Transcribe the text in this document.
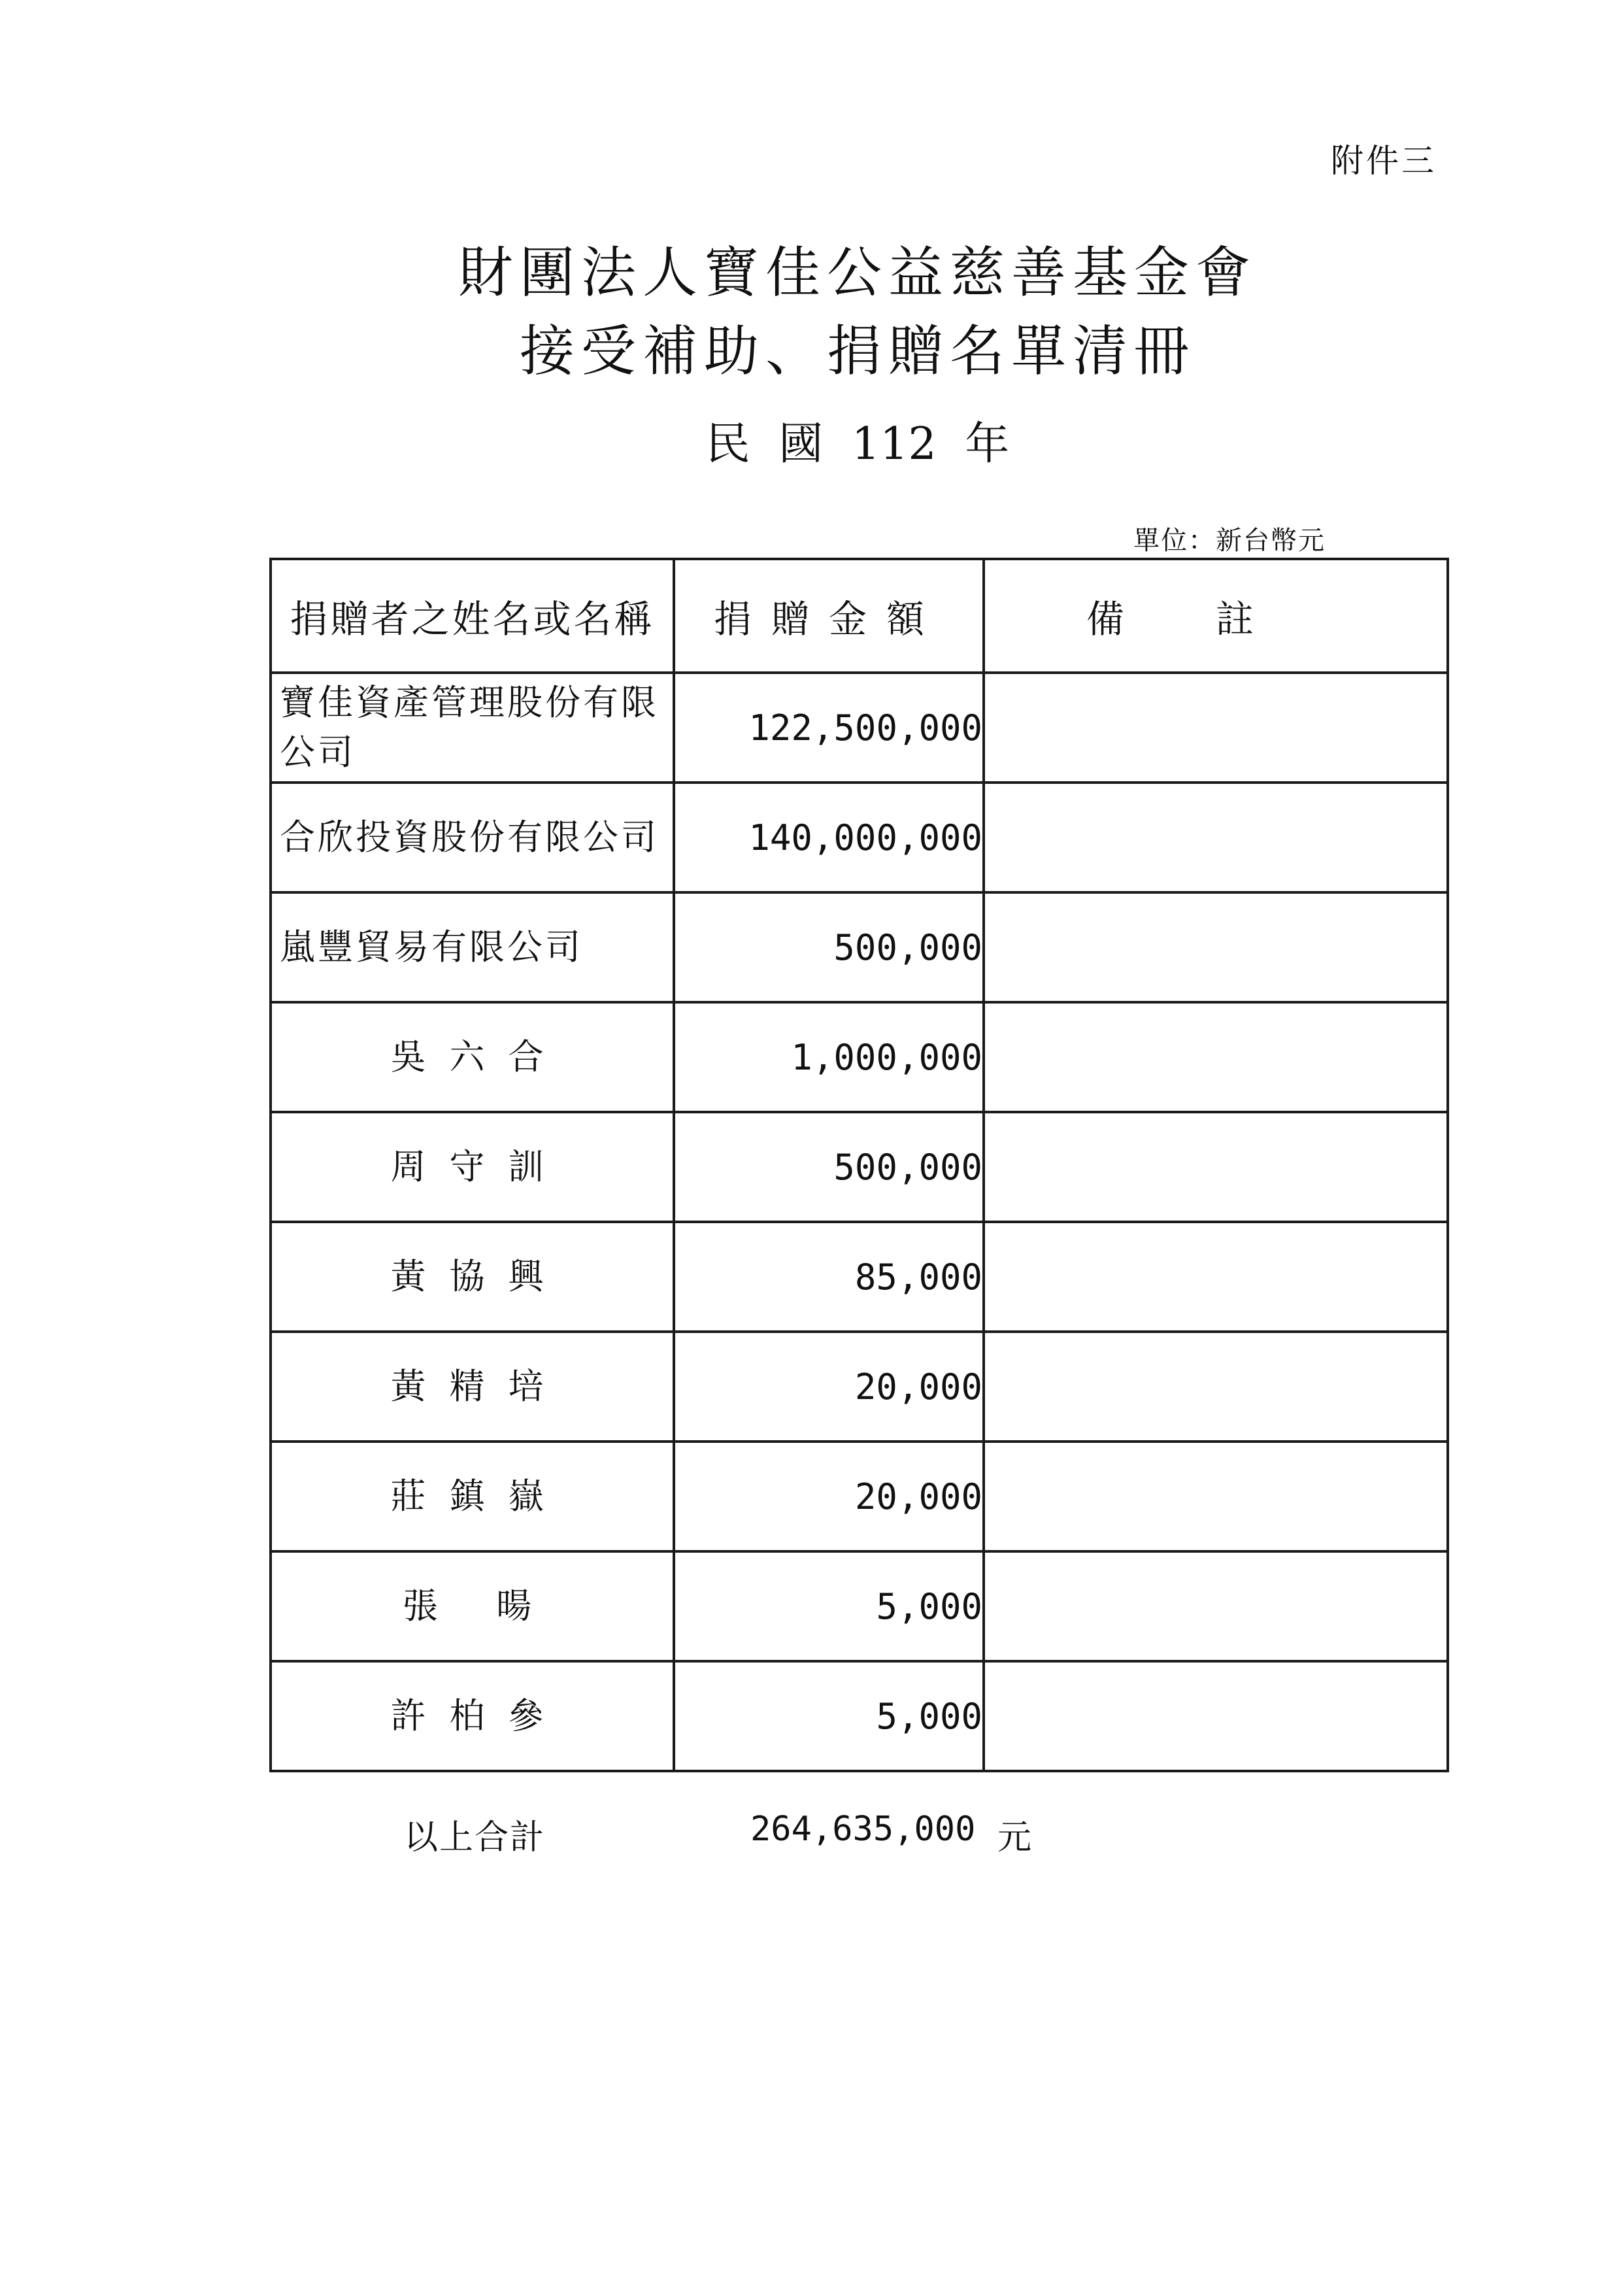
附件三
財團法人寶佳公益慈善基金會
接受補助、捐贈名單清冊
民 國 112 年
單位：新台幣元
捐贈者之姓名或名稱	捐贈金額	備註
寶佳資產管理股份有限公司	122,500,000	
合欣投資股份有限公司	140,000,000	
嵐豐貿易有限公司	500,000	
吳六合	1,000,000	
周守訓	500,000	
黃協興	85,000	
黃精培	20,000	
莊鎮嶽	20,000	
張 暘	5,000	
許柏參	5,000	
以上合計	264,635,000 元
